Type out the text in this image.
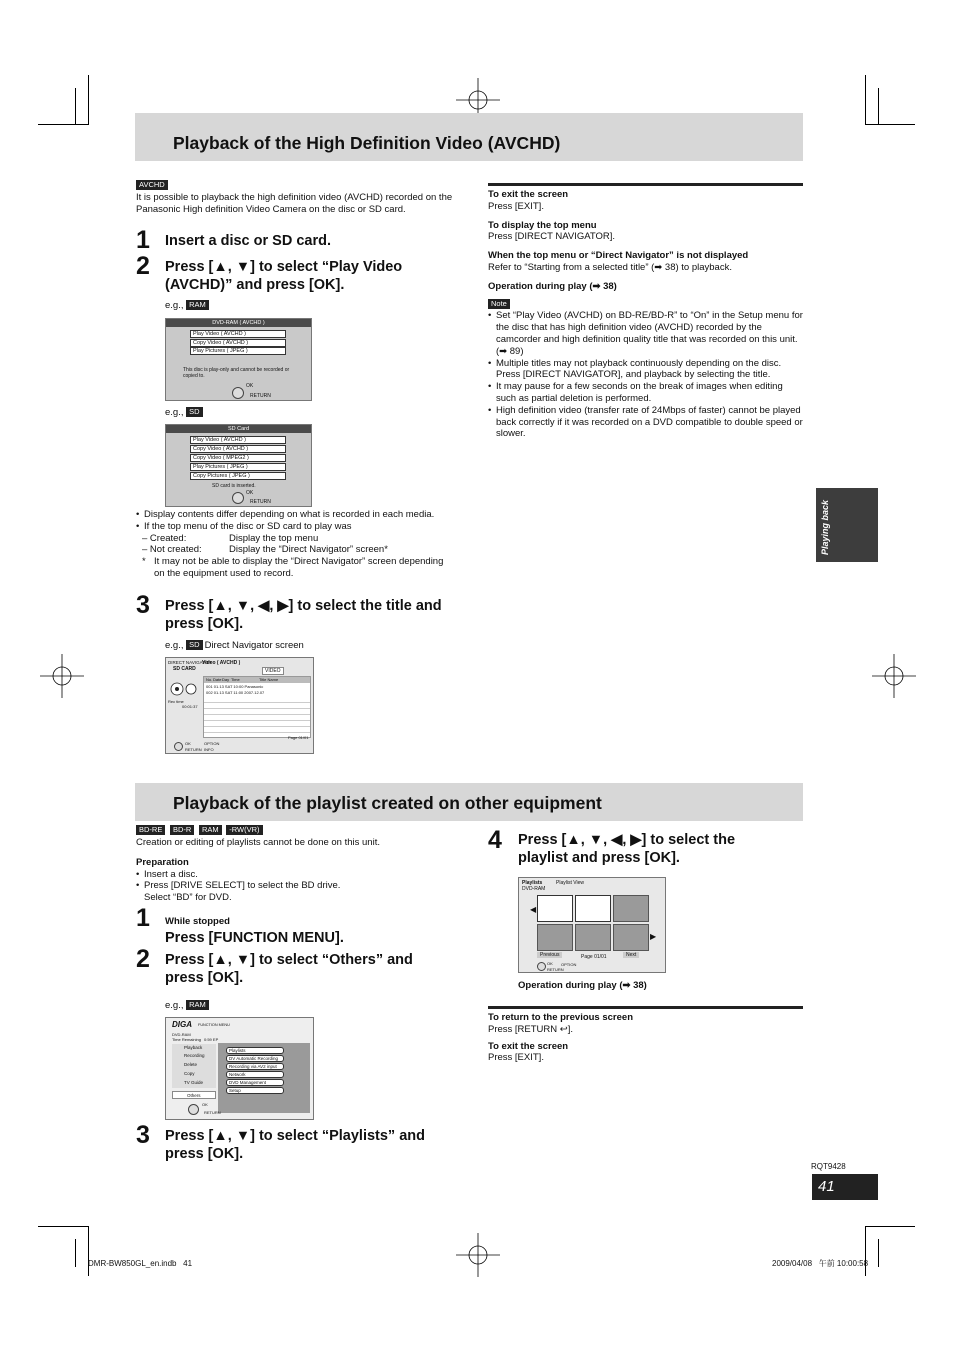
Playback of the High Definition Video (AVCHD)
AVCHD
It is possible to playback the high definition video (AVCHD) recorded on the Panasonic High definition Video Camera on the disc or SD card.
1 Insert a disc or SD card.
2 Press [▲, ▼] to select “Play Video (AVCHD)” and press [OK].
e.g., RAM
DVD-RAM ( AVCHD )
Play Video ( AVCHD )
Copy Video ( AVCHD )
Play Pictures ( JPEG )
This disc is play-only and cannot be recorded or copied to.
OK
RETURN
e.g., SD
SD Card
Play Video ( AVCHD )
Copy Video ( AVCHD )
Copy Video ( MPEG2 )
Play Pictures ( JPEG )
Copy Pictures ( JPEG )
SD card is inserted.
OK
RETURN
• Display contents differ depending on what is recorded in each media.
• If the top menu of the disc or SD card to play was
– Created:	Display the top menu
– Not created:	Display the “Direct Navigator” screen*
* It may not be able to display the “Direct Navigator” screen depending on the equipment used to record.
3 Press [▲, ▼, ◀, ▶] to select the title and press [OK].
e.g., SD Direct Navigator screen
DIRECT NAVIGATOR
Video ( AVCHD )
SD CARD	VIDEO
Rec time
00:01:37
No. Date Day Time	Title Name
001 01.13 SAT 10:00 Panasonic
002 01.13 SAT 11:00 2007.12.07
Page 01/01
OK
RETURN
OPTION
INFO
To exit the screen
Press [EXIT].
To display the top menu
Press [DIRECT NAVIGATOR].
When the top menu or “Direct Navigator” is not displayed
Refer to “Starting from a selected title” (➡ 38) to playback.
Operation during play (➡ 38)
Note
• Set “Play Video (AVCHD) on BD-RE/BD-R” to “On” in the Setup menu for the disc that has high definition video (AVCHD) recorded by the camcorder and high definition quality title that was recorded on this unit. (➡ 89)
• Multiple titles may not playback continuously depending on the disc. Press [DIRECT NAVIGATOR], and playback by selecting the title.
• It may pause for a few seconds on the break of images when editing such as partial deletion is performed.
• High definition video (transfer rate of 24Mbps of faster) cannot be played back correctly if it was recorded on a DVD compatible to double speed or slower.
Playing back
Playback of the playlist created on other equipment
BD-RE BD-R RAM -RW(VR)
Creation or editing of playlists cannot be done on this unit.
Preparation
• Insert a disc.
• Press [DRIVE SELECT] to select the BD drive.
Select “BD” for DVD.
1 While stopped
Press [FUNCTION MENU].
2 Press [▲, ▼] to select “Others” and press [OK].
e.g., RAM
DIGA FUNCTION MENU
DVD-RAM
Time Remaining 0:59 EP
Playback
Recording
Delete
Copy
TV Guide
Others
Playlists
DV Automatic Recording
Recording via AV2 input
Network
DVD Management
Setup
OK
RETURN
3 Press [▲, ▼] to select “Playlists” and press [OK].
4 Press [▲, ▼, ◀, ▶] to select the playlist and press [OK].
Playlists	Playlist View
DVD-RAM
◀
▶
Previous	Page 01/01	Next
OK
RETURN
OPTION
Operation during play (➡ 38)
To return to the previous screen
Press [RETURN ↩].
To exit the screen
Press [EXIT].
RQT9428
41
DMR-BW850GL_en.indb   41	2009/04/08   午前 10:00:58
